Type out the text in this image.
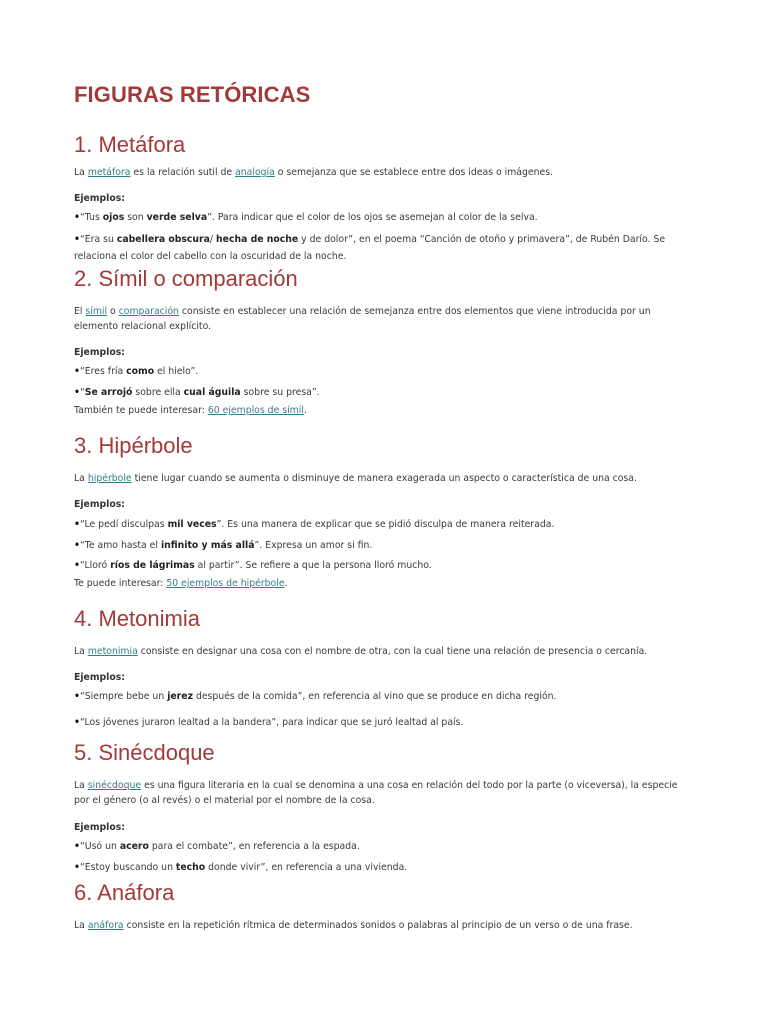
FIGURAS RETÓRICAS
1. Metáfora
La metáfora es la relación sutil de analogía o semejanza que se establece entre dos ideas o imágenes.
Ejemplos:
•“Tus ojos son verde selva”. Para indicar que el color de los ojos se asemejan al color de la selva.
•“Era su cabellera obscura/ hecha de noche y de dolor”, en el poema “Canción de otoño y primavera”, de Rubén Darío. Se relaciona el color del cabello con la oscuridad de la noche.
2. Símil o comparación
El símil o comparación consiste en establecer una relación de semejanza entre dos elementos que viene introducida por un elemento relacional explícito.
Ejemplos:
•“Eres fría como el hielo”.
•“Se arrojó sobre ella cual águila sobre su presa”.
También te puede interesar: 60 ejemplos de símil.
3. Hipérbole
La hipérbole tiene lugar cuando se aumenta o disminuye de manera exagerada un aspecto o característica de una cosa.
Ejemplos:
•“Le pedí disculpas mil veces”. Es una manera de explicar que se pidió disculpa de manera reiterada.
•“Te amo hasta el infinito y más allá”. Expresa un amor si fin.
•“Lloró ríos de lágrimas al partir”. Se refiere a que la persona lloró mucho.
Te puede interesar: 50 ejemplos de hipérbole.
4. Metonimia
La metonimia consiste en designar una cosa con el nombre de otra, con la cual tiene una relación de presencia o cercanía.
Ejemplos:
•“Siempre bebe un jerez después de la comida”, en referencia al vino que se produce en dicha región.
•“Los jóvenes juraron lealtad a la bandera”, para indicar que se juró lealtad al país.
5. Sinécdoque
La sinécdoque es una figura literaria en la cual se denomina a una cosa en relación del todo por la parte (o viceversa), la especie por el género (o al revés) o el material por el nombre de la cosa.
Ejemplos:
•“Usó un acero para el combate”, en referencia a la espada.
•“Estoy buscando un techo donde vivir”, en referencia a una vivienda.
6. Anáfora
La anáfora consiste en la repetición rítmica de determinados sonidos o palabras al principio de un verso o de una frase.
